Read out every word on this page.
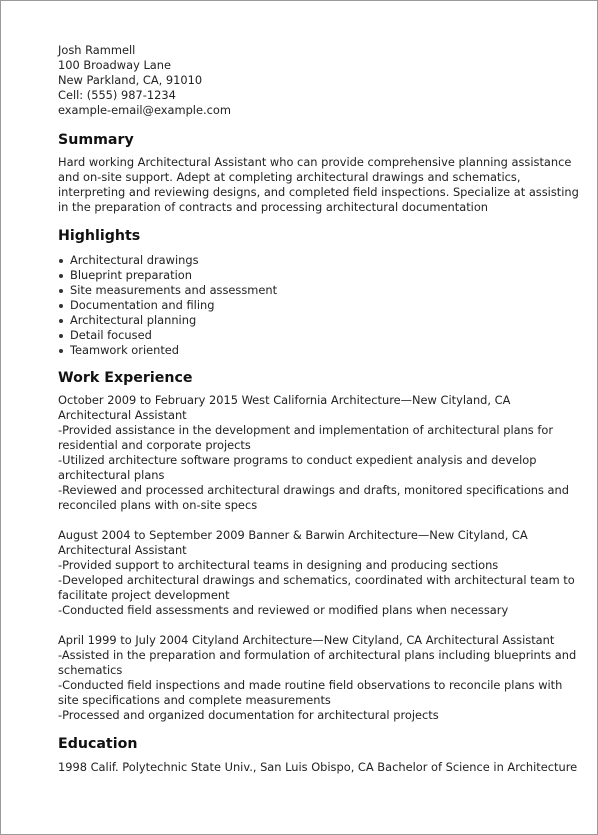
Josh Rammell
100 Broadway Lane
New Parkland, CA, 91010
Cell: (555) 987-1234
example-email@example.com
Summary

Hard working Architectural Assistant who can provide comprehensive planning assistance and on-site support. Adept at completing architectural drawings and schematics, interpreting and reviewing designs, and completed field inspections. Specialize at assisting in the preparation of contracts and processing architectural documentation

Highlights
Architectural drawings
Blueprint preparation
Site measurements and assessment
Documentation and filing
Architectural planning
Detail focused
Teamwork oriented
Work Experience
October 2009 to February 2015 West California Architecture—New Cityland, CA Architectural Assistant
-Provided assistance in the development and implementation of architectural plans for residential and corporate projects
-Utilized architecture software programs to conduct expedient analysis and develop architectural plans
-Reviewed and processed architectural drawings and drafts, monitored specifications and reconciled plans with on-site specs
August 2004 to September 2009 Banner & Barwin Architecture—New Cityland, CA Architectural Assistant
-Provided support to architectural teams in designing and producing sections
-Developed architectural drawings and schematics, coordinated with architectural team to facilitate project development
-Conducted field assessments and reviewed or modified plans when necessary
April 1999 to July 2004 Cityland Architecture—New Cityland, CA Architectural Assistant
-Assisted in the preparation and formulation of architectural plans including blueprints and schematics
-Conducted field inspections and made routine field observations to reconcile plans with site specifications and complete measurements
-Processed and organized documentation for architectural projects
Education

1998 Calif. Polytechnic State Univ., San Luis Obispo, CA Bachelor of Science in Architecture
